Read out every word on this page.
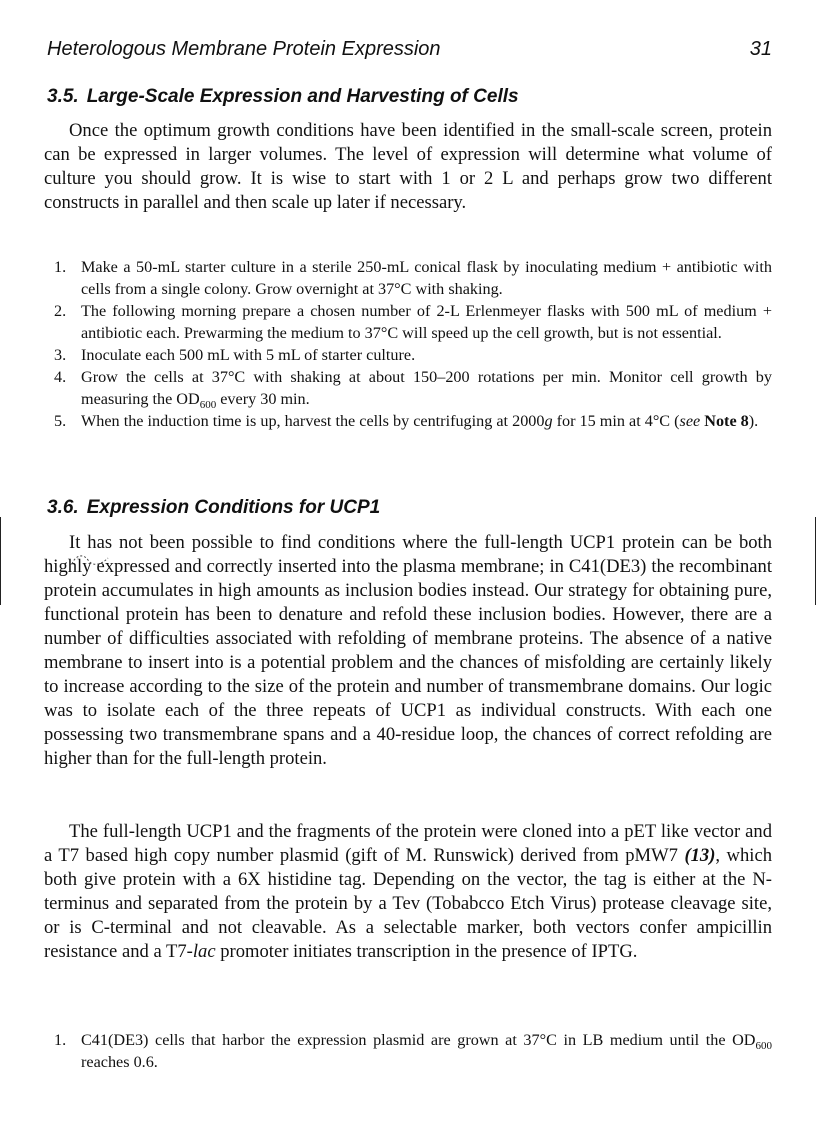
Heterologous Membrane Protein Expression	31
3.5. Large-Scale Expression and Harvesting of Cells

Once the optimum growth conditions have been identified in the small-scale screen, protein can be expressed in larger volumes. The level of expression will determine what volume of culture you should grow. It is wise to start with 1 or 2 L and perhaps grow two different constructs in parallel and then scale up later if necessary.

1. Make a 50-mL starter culture in a sterile 250-mL conical flask by inoculating medium + antibiotic with cells from a single colony. Grow overnight at 37°C with shaking.
2. The following morning prepare a chosen number of 2-L Erlenmeyer flasks with 500 mL of medium + antibiotic each. Prewarming the medium to 37°C will speed up the cell growth, but is not essential.
3. Inoculate each 500 mL with 5 mL of starter culture.
4. Grow the cells at 37°C with shaking at about 150–200 rotations per min. Monitor cell growth by measuring the $OD_{600}$ every 30 min.
5. When the induction time is up, harvest the cells by centrifuging at 2000g for 15 min at 4°C (see Note 8).
3.6. Expression Conditions for UCP1

It has not been possible to find conditions where the full-length UCP1 protein can be both highly expressed and correctly inserted into the plasma membrane; in C41(DE3) the recombinant protein accumulates in high amounts as inclusion bodies instead. Our strategy for obtaining pure, functional protein has been to denature and refold these inclusion bodies. However, there are a number of difficulties associated with refolding of membrane proteins. The absence of a native membrane to insert into is a potential problem and the chances of misfolding are certainly likely to increase according to the size of the protein and number of transmembrane domains. Our logic was to isolate each of the three repeats of UCP1 as individual constructs. With each one possessing two transmembrane spans and a 40-residue loop, the chances of correct refolding are higher than for the full-length protein.

The full-length UCP1 and the fragments of the protein were cloned into a pET like vector and a T7 based high copy number plasmid (gift of M. Runswick) derived from pMW7 (13), which both give protein with a 6X histidine tag. Depending on the vector, the tag is either at the N-terminus and separated from the protein by a Tev (Tobabcco Etch Virus) protease cleavage site, or is C-terminal and not cleavable. As a selectable marker, both vectors confer ampicillin resistance and a T7-lac promoter initiates transcription in the presence of IPTG.

1. C41(DE3) cells that harbor the expression plasmid are grown at 37°C in LB medium until the $OD_{600}$ reaches 0.6.
